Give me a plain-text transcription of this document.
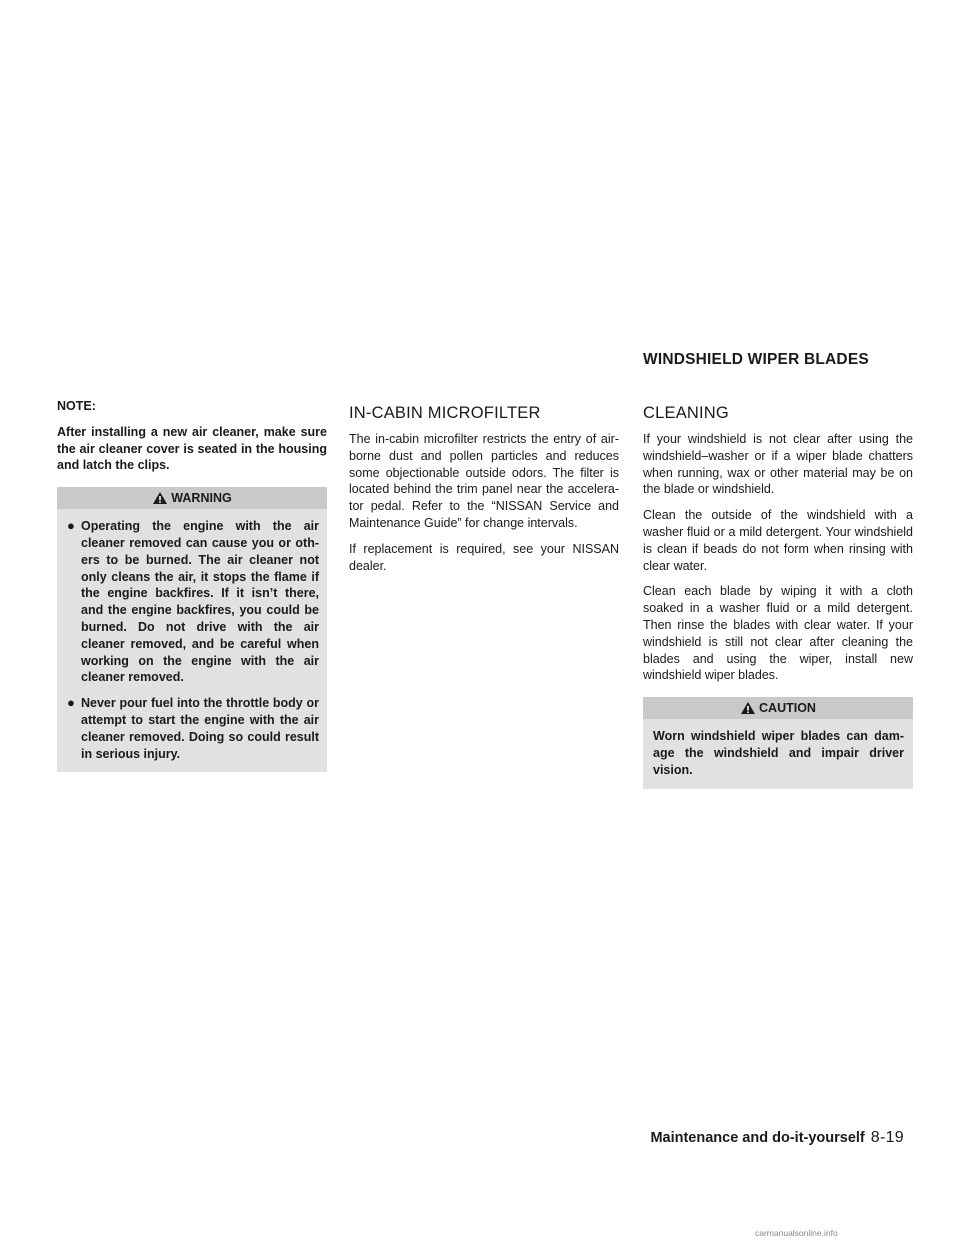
WINDSHIELD WIPER BLADES

NOTE:

After installing a new air cleaner, make sure the air cleaner cover is seated in the housing and latch the clips.

WARNING
● Operating the engine with the air cleaner removed can cause you or oth- ers to be burned. The air cleaner not only cleans the air, it stops the flame if the engine backfires. If it isn’t there, and the engine backfires, you could be burned. Do not drive with the air cleaner removed, and be careful when working on the engine with the air cleaner removed.
● Never pour fuel into the throttle body or attempt to start the engine with the air cleaner removed. Doing so could result in serious injury.
IN-CABIN MICROFILTER

The in-cabin microfilter restricts the entry of air- borne dust and pollen particles and reduces some objectionable outside odors. The filter is located behind the trim panel near the accelera- tor pedal. Refer to the “NISSAN Service and Maintenance Guide” for change intervals.

If replacement is required, see your NISSAN dealer.

CLEANING

If your windshield is not clear after using the windshield–washer or if a wiper blade chatters when running, wax or other material may be on the blade or windshield.

Clean the outside of the windshield with a washer fluid or a mild detergent. Your windshield is clean if beads do not form when rinsing with clear water.

Clean each blade by wiping it with a cloth soaked in a washer fluid or a mild detergent. Then rinse the blades with clear water. If your windshield is still not clear after cleaning the blades and using the wiper, install new windshield wiper blades.

CAUTION
Worn windshield wiper blades can dam- age the windshield and impair driver vision.
Maintenance and do-it-yourself 8-19
carmanualsonline.info
